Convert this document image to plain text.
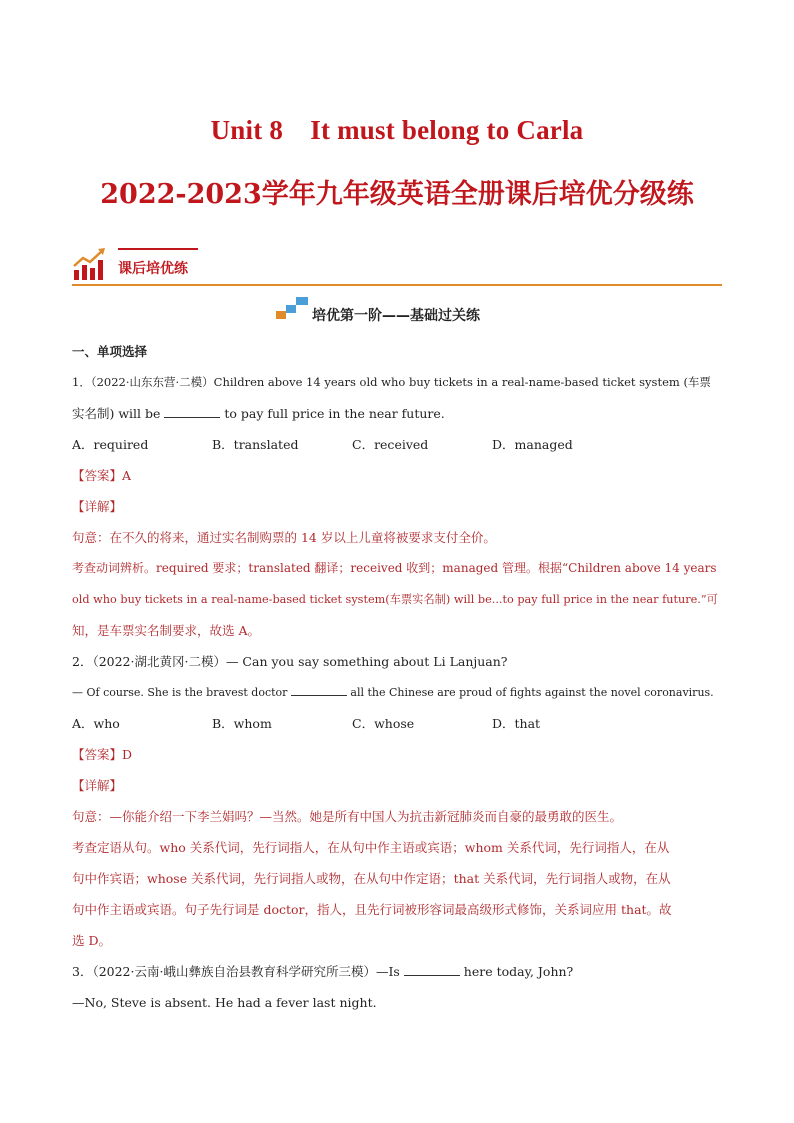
Unit 8　It must belong to Carla
2022-2023学年九年级英语全册课后培优分级练
课后培优练
培优第一阶——基础过关练
一、单项选择
1．（2022·山东东营·二模）Children above 14 years old who buy tickets in a real-name-based ticket system (车票
实名制) will be	to pay full price in the near future.
A．required	B．translated	C．received	D．managed
【答案】A
【详解】
句意：在不久的将来，通过实名制购票的 14 岁以上儿童将被要求支付全价。
考查动词辨析。required 要求；translated 翻译；received 收到；managed 管理。根据“Children above 14 years
old who buy tickets in a real-name-based ticket system(车票实名制) will be...to pay full price in the near future.”可
知，是车票实名制要求，故选 A。
2．（2022·湖北黄冈·二模）— Can you say something about Li Lanjuan?
— Of course. She is the bravest doctor	all the Chinese are proud of fights against the novel coronavirus.
A．who	B．whom	C．whose	D．that
【答案】D
【详解】
句意：—你能介绍一下李兰娟吗？—当然。她是所有中国人为抗击新冠肺炎而自豪的最勇敢的医生。
考查定语从句。who 关系代词，先行词指人，在从句中作主语或宾语；whom 关系代词，先行词指人，在从
句中作宾语；whose 关系代词，先行词指人或物，在从句中作定语；that 关系代词，先行词指人或物，在从
句中作主语或宾语。句子先行词是 doctor，指人，且先行词被形容词最高级形式修饰，关系词应用 that。故
选 D。
3．（2022·云南·峨山彝族自治县教育科学研究所三模）—Is	here today, John?
—No, Steve is absent. He had a fever last night.
